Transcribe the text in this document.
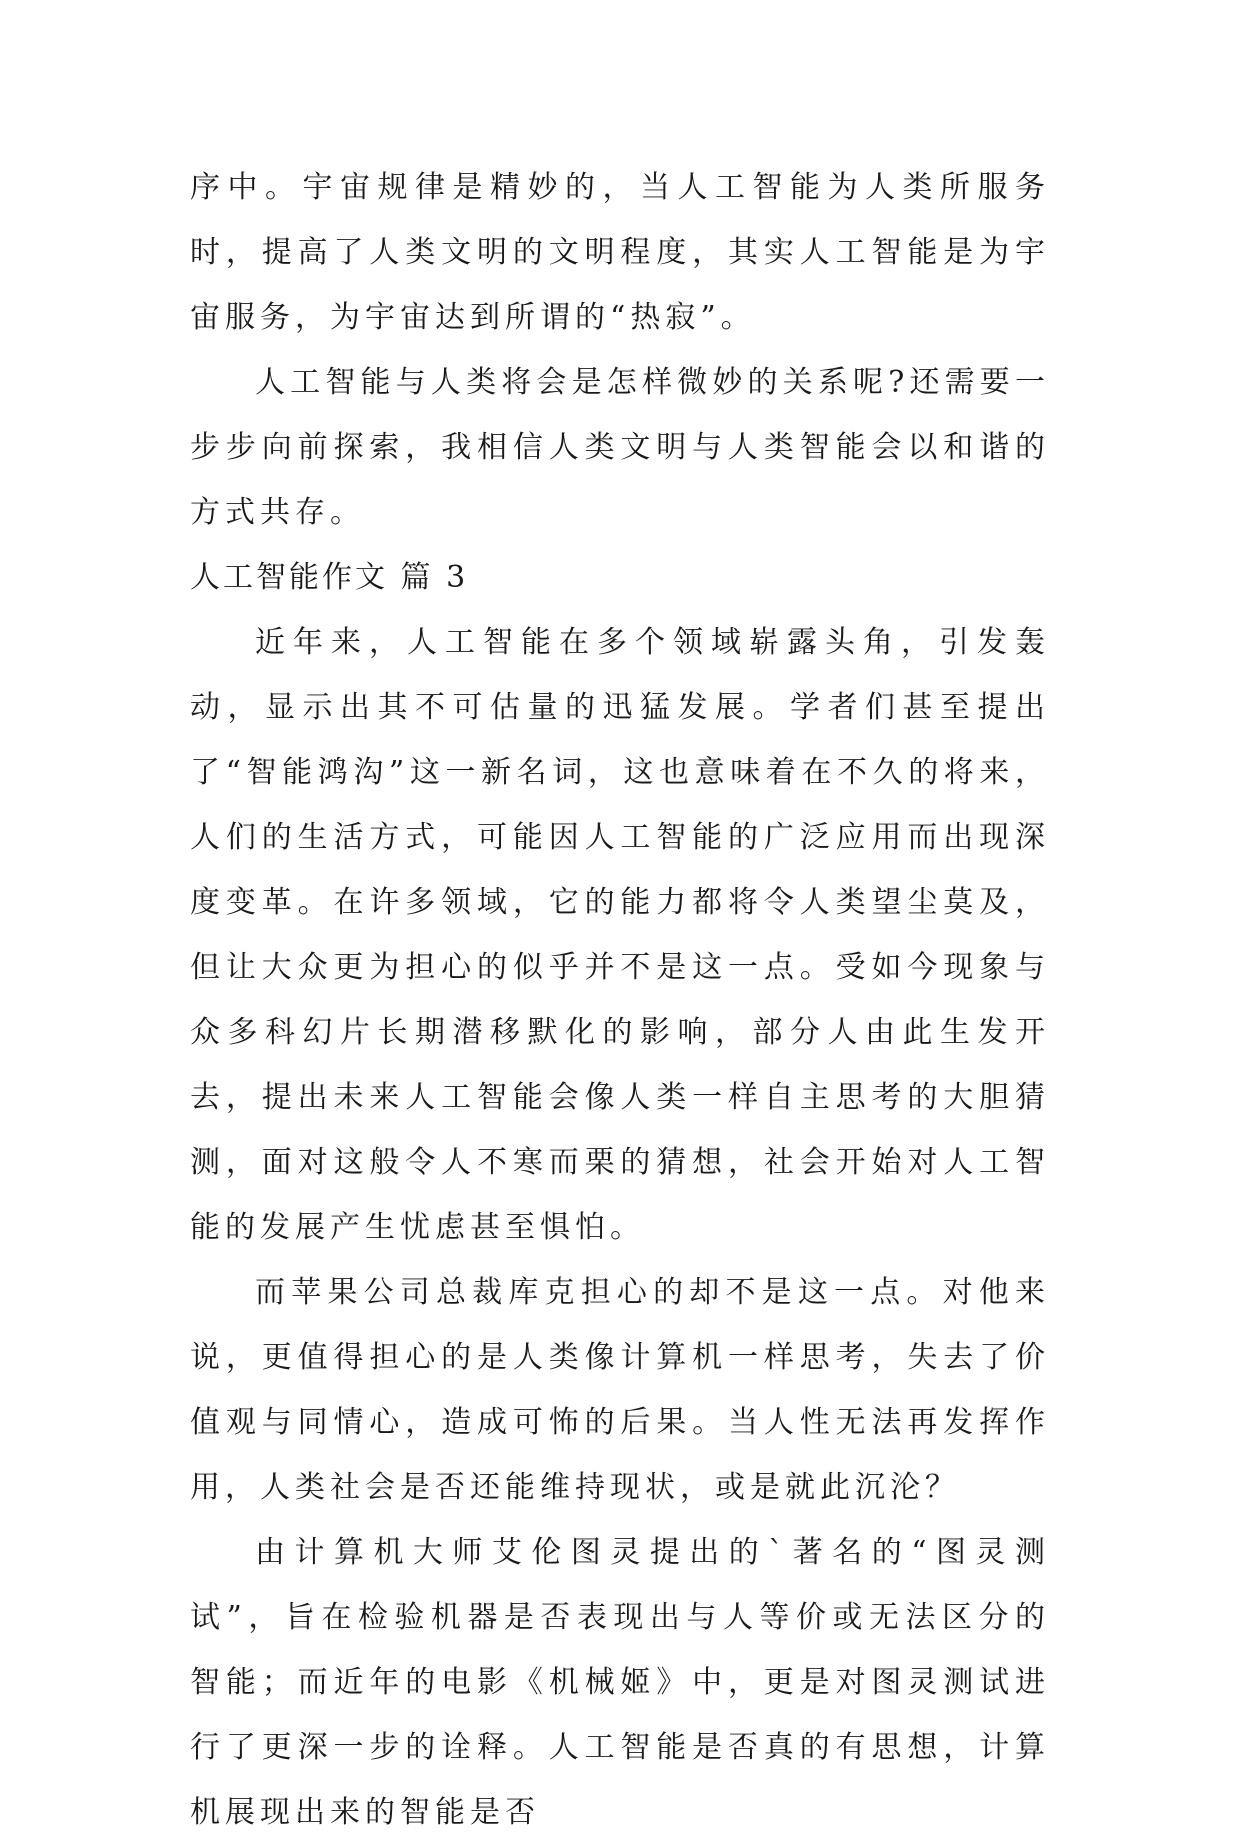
序中。宇宙规律是精妙的，当人工智能为人类所服务时，提高了人类文明的文明程度，其实人工智能是为宇宙服务，为宇宙达到所谓的“热寂”。

人工智能与人类将会是怎样微妙的关系呢?还需要一步步向前探索，我相信人类文明与人类智能会以和谐的方式共存。

人工智能作文 篇 3

近年来，人工智能在多个领域崭露头角，引发轰动，显示出其不可估量的迅猛发展。学者们甚至提出了“智能鸿沟”这一新名词，这也意味着在不久的将来，人们的生活方式，可能因人工智能的广泛应用而出现深度变革。在许多领域，它的能力都将令人类望尘莫及，但让大众更为担心的似乎并不是这一点。受如今现象与众多科幻片长期潜移默化的影响，部分人由此生发开去，提出未来人工智能会像人类一样自主思考的大胆猜测，面对这般令人不寒而栗的猜想，社会开始对人工智能的发展产生忧虑甚至惧怕。

而苹果公司总裁库克担心的却不是这一点。对他来说，更值得担心的是人类像计算机一样思考，失去了价值观与同情心，造成可怖的后果。当人性无法再发挥作用，人类社会是否还能维持现状，或是就此沉沦？

由计算机大师艾伦图灵提出的`著名的“图灵测试”，旨在检验机器是否表现出与人等价或无法区分的智能；而近年的电影《机械姬》中，更是对图灵测试进行了更深一步的诠释。人工智能是否真的有思想，计算机展现出来的智能是否
